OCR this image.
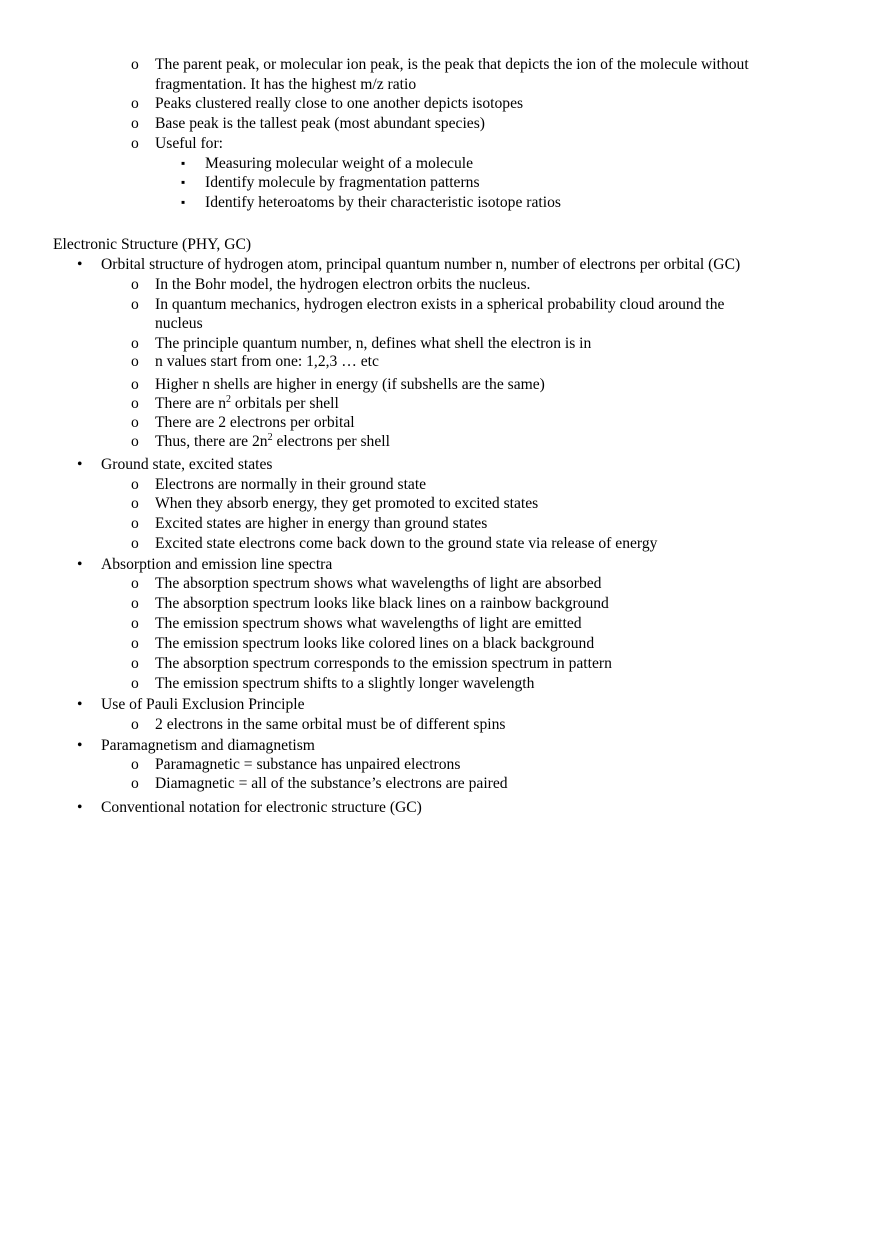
o The parent peak, or molecular ion peak, is the peak that depicts the ion of the molecule without
fragmentation. It has the highest m/z ratio
o Peaks clustered really close to one another depicts isotopes
o Base peak is the tallest peak (most abundant species)
o Useful for:
▪ Measuring molecular weight of a molecule
▪ Identify molecule by fragmentation patterns
▪ Identify heteroatoms by their characteristic isotope ratios
Electronic Structure (PHY, GC)
• Orbital structure of hydrogen atom, principal quantum number n, number of electrons per orbital (GC)
o In the Bohr model, the hydrogen electron orbits the nucleus.
o In quantum mechanics, hydrogen electron exists in a spherical probability cloud around the
nucleus
o The principle quantum number, n, defines what shell the electron is in
o n values start from one: 1,2,3 … etc
o Higher n shells are higher in energy (if subshells are the same)
o There are $n^2$ orbitals per shell
o There are 2 electrons per orbital
o Thus, there are $2n^2$ electrons per shell
• Ground state, excited states
o Electrons are normally in their ground state
o When they absorb energy, they get promoted to excited states
o Excited states are higher in energy than ground states
o Excited state electrons come back down to the ground state via release of energy
• Absorption and emission line spectra
o The absorption spectrum shows what wavelengths of light are absorbed
o The absorption spectrum looks like black lines on a rainbow background
o The emission spectrum shows what wavelengths of light are emitted
o The emission spectrum looks like colored lines on a black background
o The absorption spectrum corresponds to the emission spectrum in pattern
o The emission spectrum shifts to a slightly longer wavelength
• Use of Pauli Exclusion Principle
o 2 electrons in the same orbital must be of different spins
• Paramagnetism and diamagnetism
o Paramagnetic = substance has unpaired electrons
o Diamagnetic = all of the substance’s electrons are paired
• Conventional notation for electronic structure (GC)
